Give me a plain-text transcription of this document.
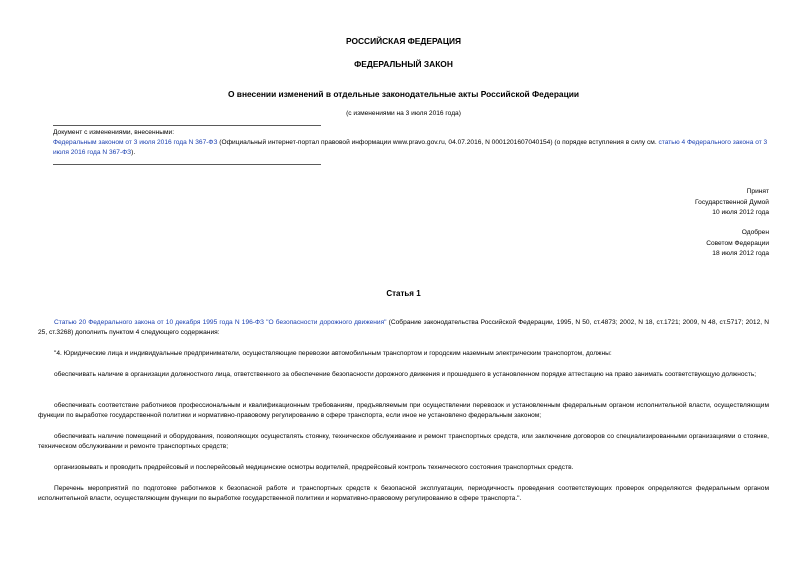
РОССИЙСКАЯ ФЕДЕРАЦИЯ
ФЕДЕРАЛЬНЫЙ ЗАКОН
О внесении изменений в отдельные законодательные акты Российской Федерации
(с изменениями на 3 июля 2016 года)
Документ с изменениями, внесенными:
Федеральным законом от 3 июля 2016 года N 367-ФЗ (Официальный интернет-портал правовой информации www.pravo.gov.ru, 04.07.2016, N 0001201607040154) (о порядке вступления в силу см. статью 4 Федерального закона от 3 июля 2016 года N 367-ФЗ).
Принят
Государственной Думой
10 июля 2012 года
Одобрен
Советом Федерации
18 июля 2012 года
Статья 1
Статью 20 Федерального закона от 10 декабря 1995 года N 196-ФЗ "О безопасности дорожного движения" (Собрание законодательства Российской Федерации, 1995, N 50, ст.4873; 2002, N 18, ст.1721; 2009, N 48, ст.5717; 2012, N 25, ст.3268) дополнить пунктом 4 следующего содержания:
"4. Юридические лица и индивидуальные предприниматели, осуществляющие перевозки автомобильным транспортом и городским наземным электрическим транспортом, должны:
обеспечивать наличие в организации должностного лица, ответственного за обеспечение безопасности дорожного движения и прошедшего в установленном порядке аттестацию на право занимать соответствующую должность;
обеспечивать соответствие работников профессиональным и квалификационным требованиям, предъявляемым при осуществлении перевозок и установленным федеральным органом исполнительной власти, осуществляющим функции по выработке государственной политики и нормативно-правовому регулированию в сфере транспорта, если иное не установлено федеральным законом;
обеспечивать наличие помещений и оборудования, позволяющих осуществлять стоянку, техническое обслуживание и ремонт транспортных средств, или заключение договоров со специализированными организациями о стоянке, техническом обслуживании и ремонте транспортных средств;
организовывать и проводить предрейсовый и послерейсовый медицинские осмотры водителей, предрейсовый контроль технического состояния транспортных средств.
Перечень мероприятий по подготовке работников к безопасной работе и транспортных средств к безопасной эксплуатации, периодичность проведения соответствующих проверок определяются федеральным органом исполнительной власти, осуществляющим функции по выработке государственной политики и нормативно-правовому регулированию в сфере транспорта.".
